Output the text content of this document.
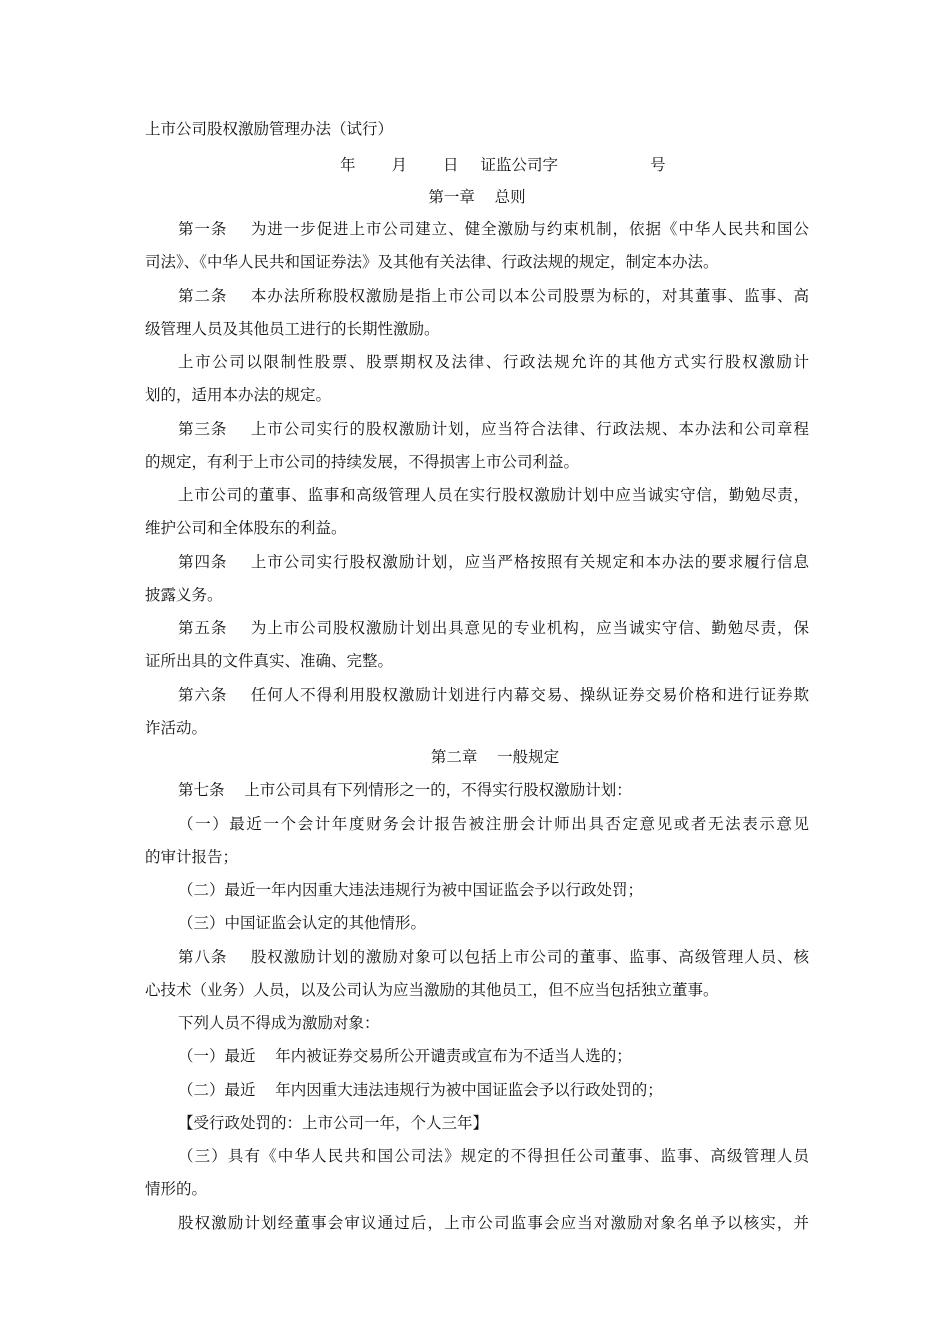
上市公司股权激励管理办法（试行）
年 月 日 证监公司字	号
第一章    总则
第一条    为进一步促进上市公司建立、健全激励与约束机制，依据《中华人民共和国公
司法》、《中华人民共和国证券法》及其他有关法律、行政法规的规定，制定本办法。
第二条    本办法所称股权激励是指上市公司以本公司股票为标的，对其董事、监事、高
级管理人员及其他员工进行的长期性激励。
上市公司以限制性股票、股票期权及法律、行政法规允许的其他方式实行股权激励计
划的，适用本办法的规定。
第三条    上市公司实行的股权激励计划，应当符合法律、行政法规、本办法和公司章程
的规定，有利于上市公司的持续发展，不得损害上市公司利益。
上市公司的董事、监事和高级管理人员在实行股权激励计划中应当诚实守信，勤勉尽责，
维护公司和全体股东的利益。
第四条    上市公司实行股权激励计划，应当严格按照有关规定和本办法的要求履行信息
披露义务。
第五条    为上市公司股权激励计划出具意见的专业机构，应当诚实守信、勤勉尽责，保
证所出具的文件真实、准确、完整。
第六条    任何人不得利用股权激励计划进行内幕交易、操纵证券交易价格和进行证券欺
诈活动。
第二章    一般规定
第七条    上市公司具有下列情形之一的，不得实行股权激励计划：
（一）最近一个会计年度财务会计报告被注册会计师出具否定意见或者无法表示意见
的审计报告；
（二）最近一年内因重大违法违规行为被中国证监会予以行政处罚；
（三）中国证监会认定的其他情形。
第八条    股权激励计划的激励对象可以包括上市公司的董事、监事、高级管理人员、核
心技术（业务）人员，以及公司认为应当激励的其他员工，但不应当包括独立董事。
下列人员不得成为激励对象：
（一）最近    年内被证券交易所公开谴责或宣布为不适当人选的；
（二）最近    年内因重大违法违规行为被中国证监会予以行政处罚的；
【受行政处罚的：上市公司一年，个人三年】
（三）具有《中华人民共和国公司法》规定的不得担任公司董事、监事、高级管理人员
情形的。
股权激励计划经董事会审议通过后，上市公司监事会应当对激励对象名单予以核实，并
